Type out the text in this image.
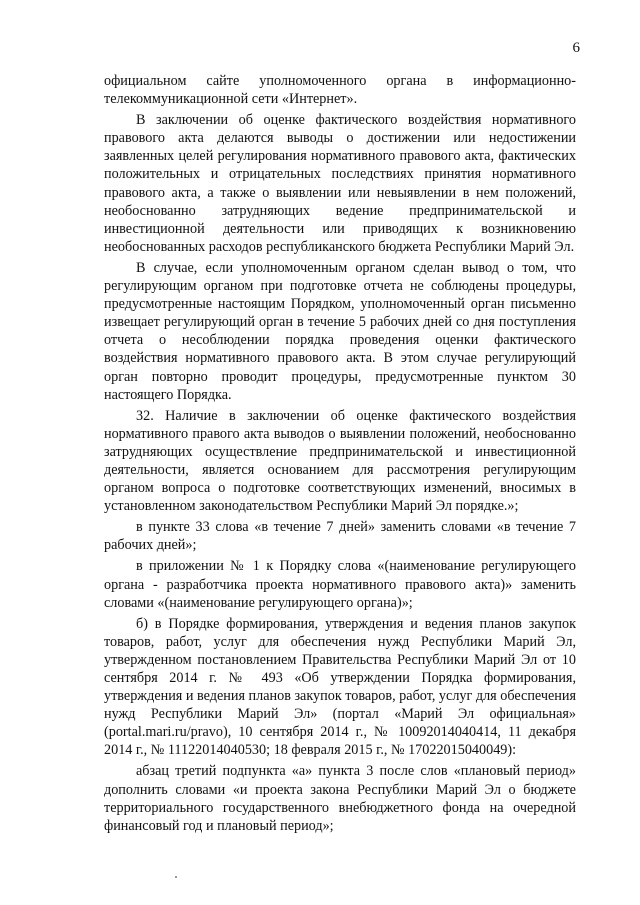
6

официальном сайте уполномоченного органа в информационно-телекоммуникационной сети «Интернет».

В заключении об оценке фактического воздействия нормативного правового акта делаются выводы о достижении или недостижении заявленных целей регулирования нормативного правового акта, фактических положительных и отрицательных последствиях принятия нормативного правового акта, а также о выявлении или невыявлении в нем положений, необоснованно затрудняющих ведение предпринимательской и инвестиционной деятельности или приводящих к возникновению необоснованных расходов республиканского бюджета Республики Марий Эл.

В случае, если уполномоченным органом сделан вывод о том, что регулирующим органом при подготовке отчета не соблюдены процедуры, предусмотренные настоящим Порядком, уполномоченный орган письменно извещает регулирующий орган в течение 5 рабочих дней со дня поступления отчета о несоблюдении порядка проведения оценки фактического воздействия нормативного правового акта. В этом случае регулирующий орган повторно проводит процедуры, предусмотренные пунктом 30 настоящего Порядка.

32. Наличие в заключении об оценке фактического воздействия нормативного правого акта выводов о выявлении положений, необоснованно затрудняющих осуществление предпринимательской и инвестиционной деятельности, является основанием для рассмотрения регулирующим органом вопроса о подготовке соответствующих изменений, вносимых в установленном законодательством Республики Марий Эл порядке.»;

в пункте 33 слова «в течение 7 дней» заменить словами «в течение 7 рабочих дней»;

в приложении № 1 к Порядку слова «(наименование регулирующего органа - разработчика проекта нормативного правового акта)» заменить словами «(наименование регулирующего органа)»;

б) в Порядке формирования, утверждения и ведения планов закупок товаров, работ, услуг для обеспечения нужд Республики Марий Эл, утвержденном постановлением Правительства Республики Марий Эл от 10 сентября 2014 г. № 493 «Об утверждении Порядка формирования, утверждения и ведения планов закупок товаров, работ, услуг для обеспечения нужд Республики Марий Эл» (портал «Марий Эл официальная» (portal.mari.ru/pravo), 10 сентября 2014 г., № 10092014040414, 11 декабря 2014 г., № 11122014040530; 18 февраля 2015 г., № 17022015040049):

абзац третий подпункта «а» пункта 3 после слов «плановый период» дополнить словами «и проекта закона Республики Марий Эл о бюджете территориального государственного внебюджетного фонда на очередной финансовый год и плановый период»;
